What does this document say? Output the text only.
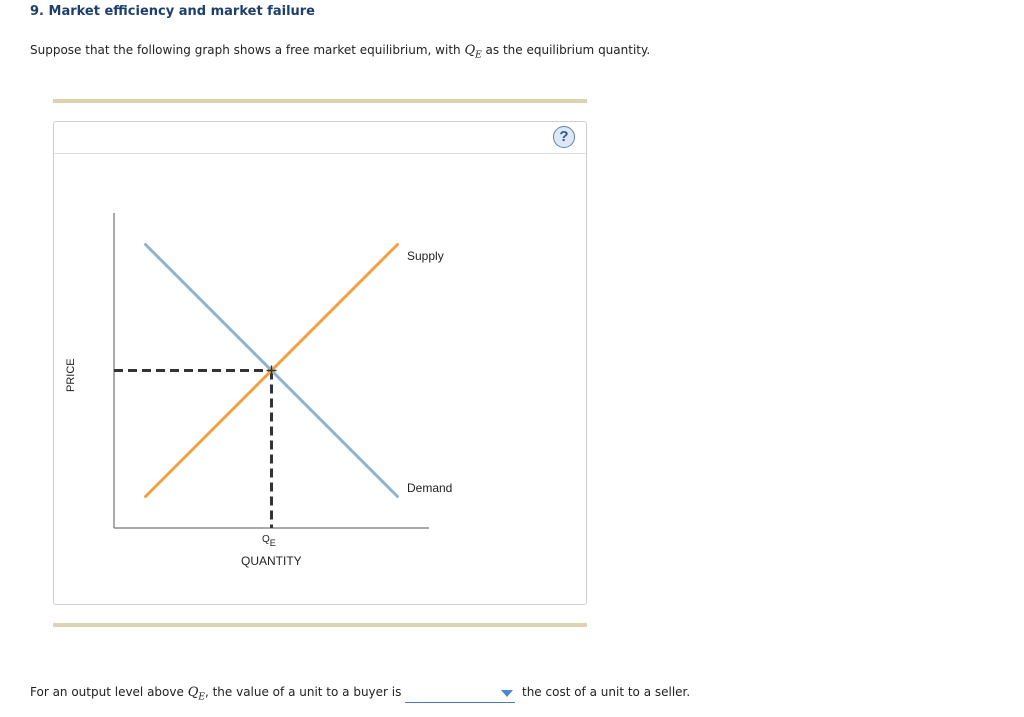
9. Market efficiency and market failure
Suppose that the following graph shows a free market equilibrium, with $Q_E$ as the equilibrium quantity.
?
Supply
Demand
PRICE
QUANTITY
QE
For an output level above $Q_E$, the value of a unit to a buyer is	the cost of a unit to a seller.
